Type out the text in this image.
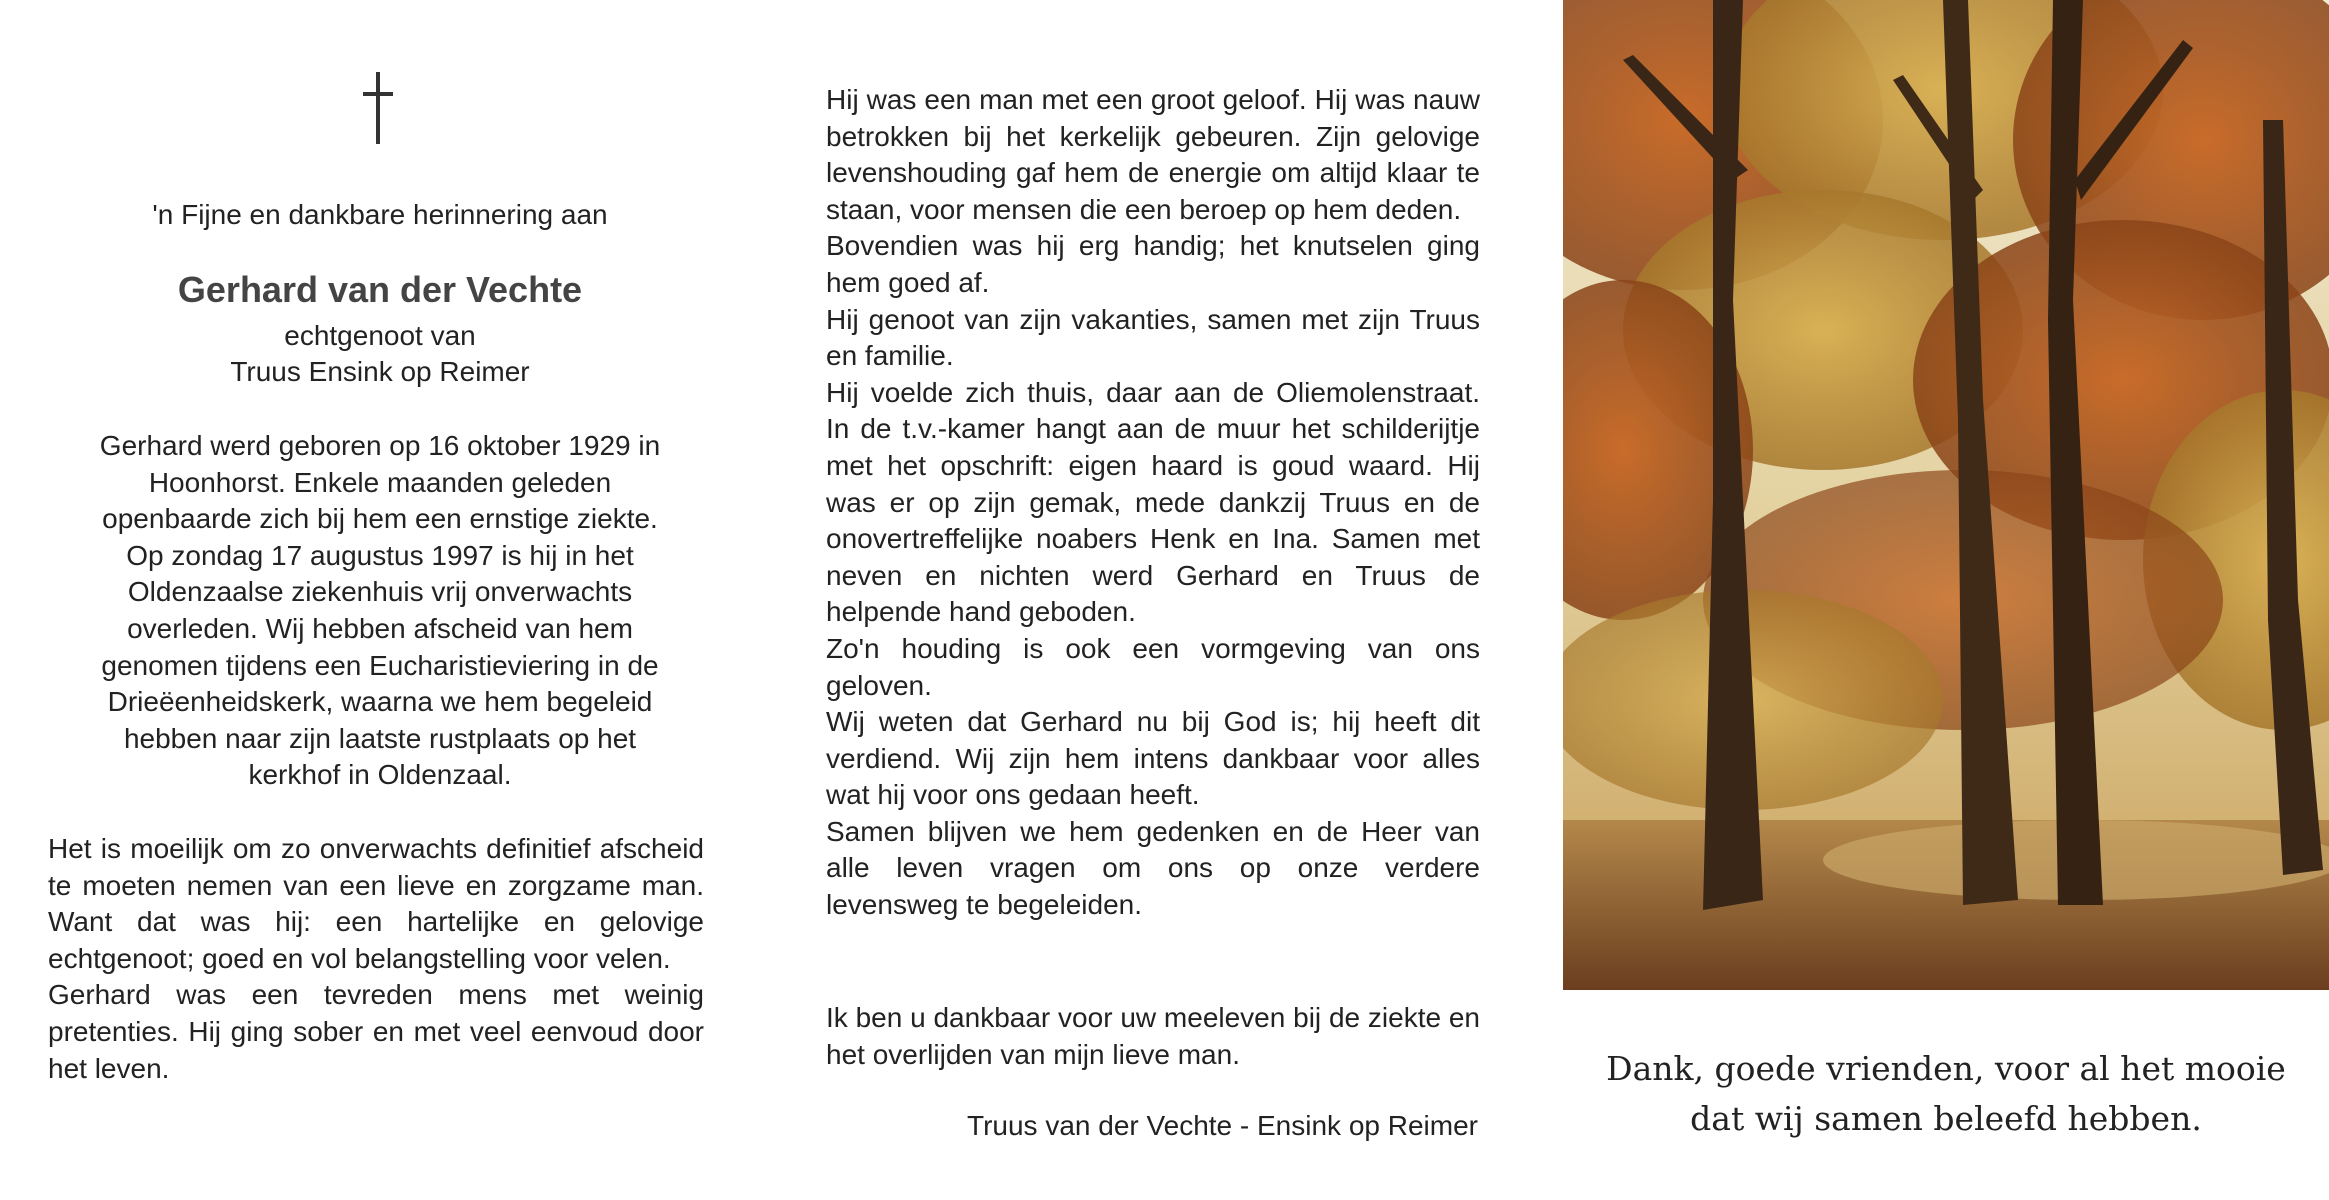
'n Fijne en dankbare herinnering aan
Gerhard van der Vechte
echtgenoot van
Truus Ensink op Reimer

Gerhard werd geboren op 16 oktober 1929 in

Hoonhorst. Enkele maanden geleden

openbaarde zich bij hem een ernstige ziekte.

Op zondag 17 augustus 1997 is hij in het

Oldenzaalse ziekenhuis vrij onverwachts

overleden. Wij hebben afscheid van hem

genomen tijdens een Eucharistieviering in de

Drieëenheidskerk, waarna we hem begeleid

hebben naar zijn laatste rustplaats op het

kerkhof in Oldenzaal.

Het is moeilijk om zo onverwachts definitief afscheid te moeten nemen van een lieve en zorgzame man. Want dat was hij: een hartelijke en gelovige echtgenoot; goed en vol belangstelling voor velen.

Gerhard was een tevreden mens met weinig pretenties. Hij ging sober en met veel eenvoud door het leven.

Hij was een man met een groot geloof. Hij was nauw betrokken bij het kerkelijk gebeuren. Zijn gelovige levenshouding gaf hem de energie om altijd klaar te staan, voor mensen die een beroep op hem deden.

Bovendien was hij erg handig; het knutselen ging hem goed af.

Hij genoot van zijn vakanties, samen met zijn Truus en familie.

Hij voelde zich thuis, daar aan de Oliemolenstraat. In de t.v.-kamer hangt aan de muur het schilderijtje met het opschrift: eigen haard is goud waard. Hij was er op zijn gemak, mede dankzij Truus en de onovertreffelijke noabers Henk en Ina. Samen met neven en nichten werd Gerhard en Truus de helpende hand geboden.

Zo'n houding is ook een vormgeving van ons geloven.

Wij weten dat Gerhard nu bij God is; hij heeft dit verdiend. Wij zijn hem intens dankbaar voor alles wat hij voor ons gedaan heeft.

Samen blijven we hem gedenken en de Heer van alle leven vragen om ons op onze verdere levensweg te begeleiden.

Ik ben u dankbaar voor uw meeleven bij de ziekte en het overlijden van mijn lieve man.

Truus van der Vechte - Ensink op Reimer
Dank, goede vrienden, voor al het mooie
dat wij samen beleefd hebben.
